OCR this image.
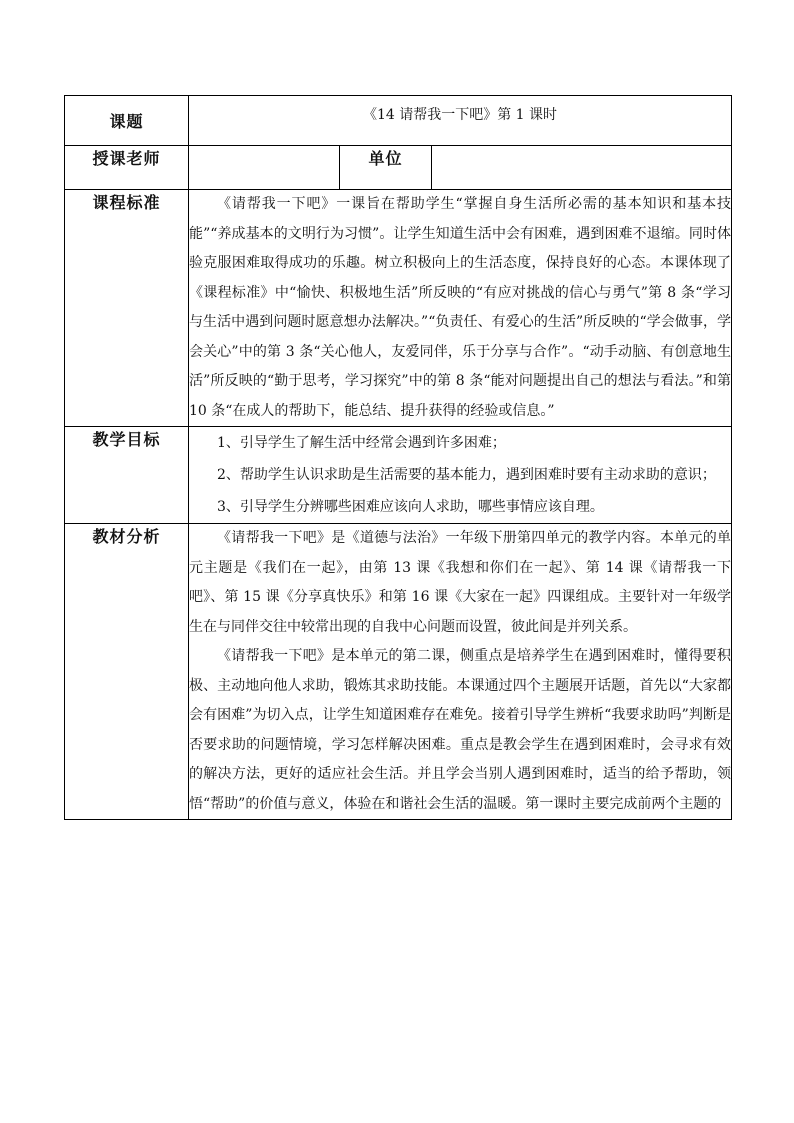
课题	《14 请帮我一下吧》第 1 课时		
授课老师		单位	
课程标准	《请帮我一下吧》一课旨在帮助学生“掌握自身生活所必需的基本知识和基本技能”“养成基本的文明行为习惯”。让学生知道生活中会有困难，遇到困难不退缩。同时体验克服困难取得成功的乐趣。树立积极向上的生活态度，保持良好的心态。本课体现了《课程标准》中“愉快、积极地生活”所反映的“有应对挑战的信心与勇气”第 8 条“学习与生活中遇到问题时愿意想办法解决。”“负责任、有爱心的生活”所反映的“学会做事，学会关心”中的第 3 条“关心他人，友爱同伴，乐于分享与合作”。“动手动脑、有创意地生活”所反映的“勤于思考，学习探究”中的第 8 条“能对问题提出自己的想法与看法。”和第 10 条“在成人的帮助下，能总结、提升获得的经验或信息。”		

教学目标	1、引导学生了解生活中经常会遇到许多困难；

2、帮助学生认识求助是生活需要的基本能力，遇到困难时要有主动求助的意识；

3、引导学生分辨哪些困难应该向人求助，哪些事情应该自理。		

教材分析	《请帮我一下吧》是《道德与法治》一年级下册第四单元的教学内容。本单元的单元主题是《我们在一起》，由第 13 课《我想和你们在一起》、第 14 课《请帮我一下吧》、第 15 课《分享真快乐》和第 16 课《大家在一起》四课组成。主要针对一年级学生在与同伴交往中较常出现的自我中心问题而设置，彼此间是并列关系。

《请帮我一下吧》是本单元的第二课，侧重点是培养学生在遇到困难时，懂得要积极、主动地向他人求助，锻炼其求助技能。本课通过四个主题展开话题，首先以“大家都会有困难”为切入点，让学生知道困难存在难免。接着引导学生辨析“我要求助吗”判断是否要求助的问题情境，学习怎样解决困难。重点是教会学生在遇到困难时，会寻求有效的解决方法，更好的适应社会生活。并且学会当别人遇到困难时，适当的给予帮助，领悟“帮助”的价值与意义，体验在和谐社会生活的温暖。第一课时主要完成前两个主题的		
